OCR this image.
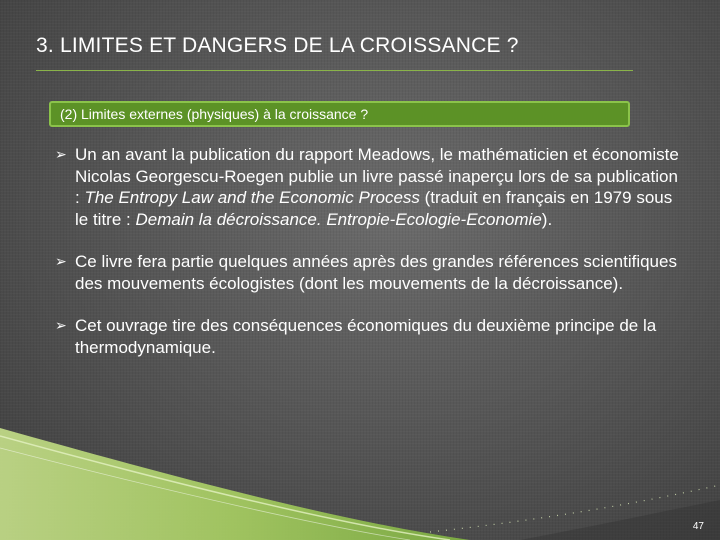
3. LIMITES ET DANGERS DE LA CROISSANCE ?
(2) Limites externes (physiques) à la croissance ?
➢ Un an avant la publication du rapport Meadows, le mathématicien et économiste Nicolas Georgescu-Roegen publie un livre passé inaperçu lors de sa publication : The Entropy Law and the Economic Process (traduit en français en 1979 sous le titre : Demain la décroissance. Entropie-Ecologie-Economie).
➢ Ce livre fera partie quelques années après des grandes références scientifiques des mouvements écologistes (dont les mouvements de la décroissance).
➢ Cet ouvrage tire des conséquences économiques du deuxième principe de la thermodynamique.
47
